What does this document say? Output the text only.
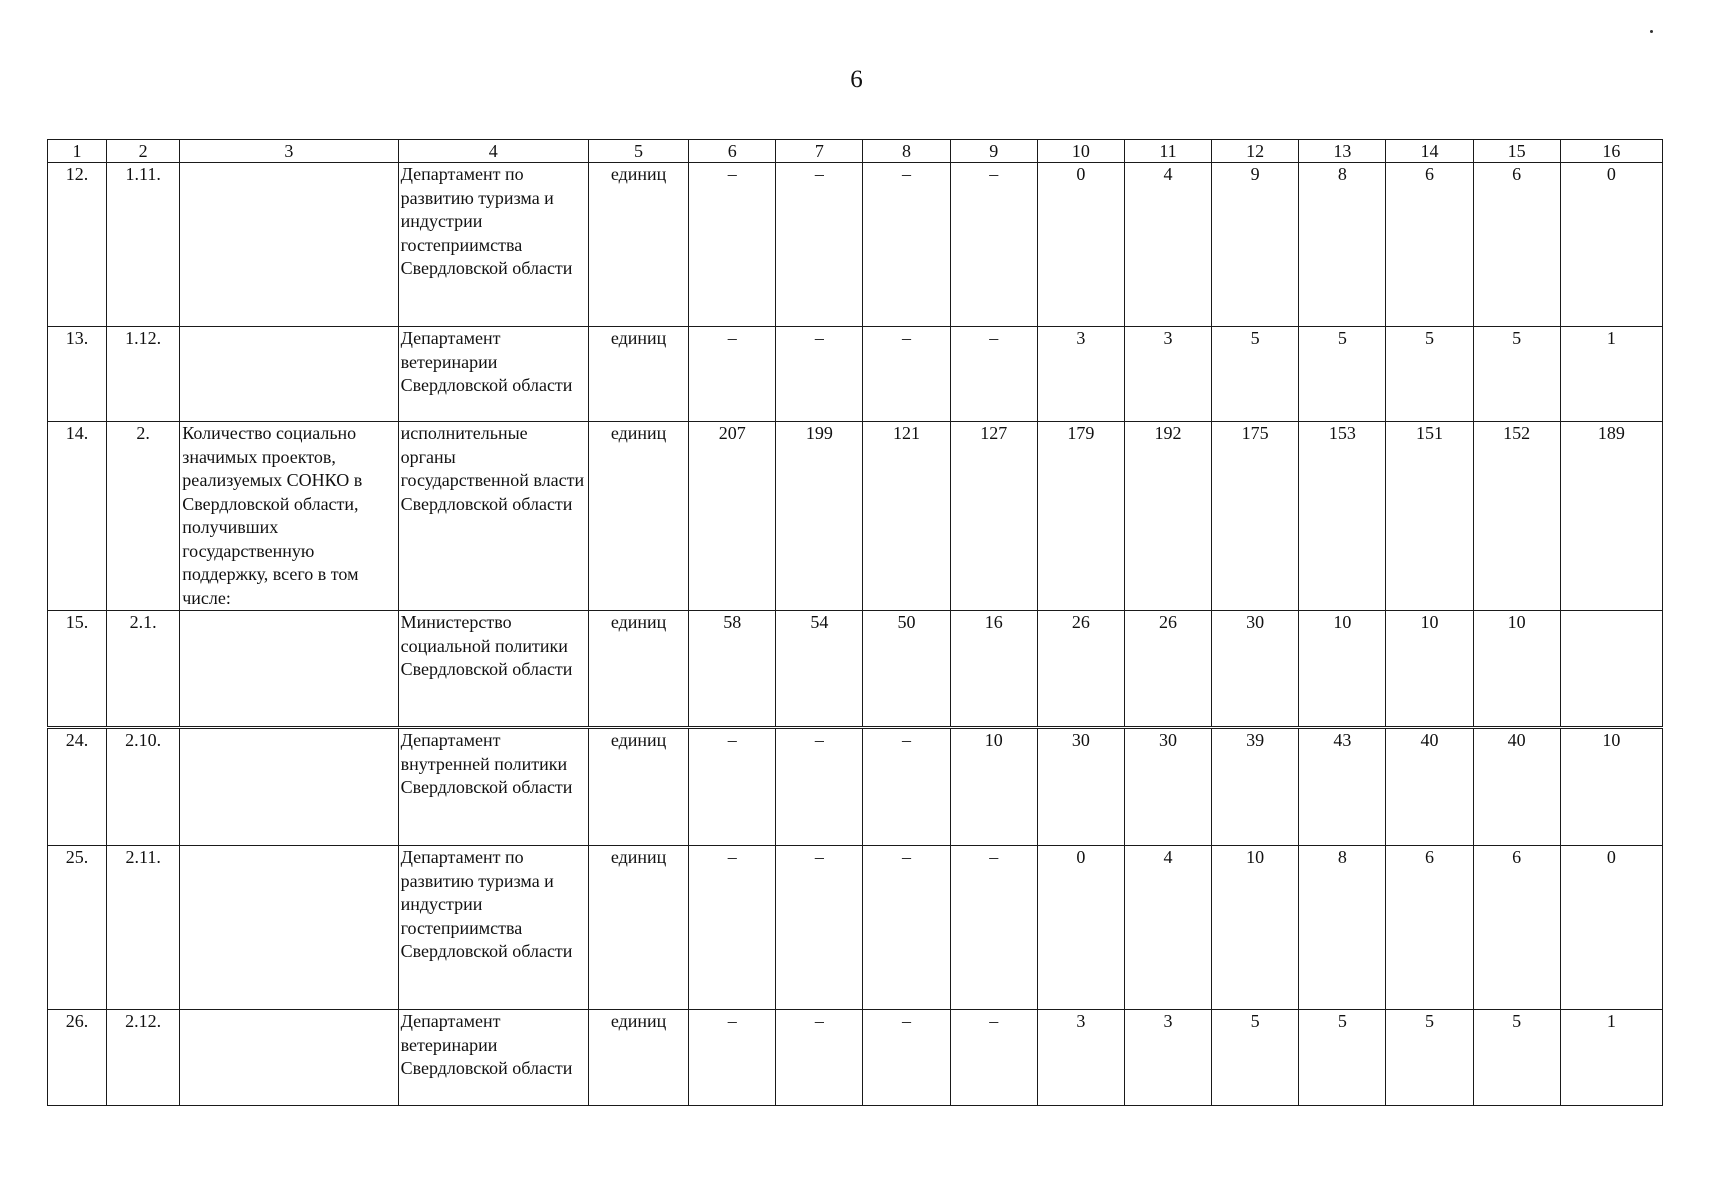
6
1	2	3	4	5	6	7	8	9	10	11	12	13	14	15	16
12.	1.11.		Департамент по развитию туризма и индустрии гостеприимства Свердловской области	единиц	–	–	–	–	0	4	9	8	6	6	0
13.	1.12.		Департамент ветеринарии Свердловской области	единиц	–	–	–	–	3	3	5	5	5	5	1
14.	2.	Количество социально значимых проектов, реализуемых СОНКО в Свердловской области, получивших государственную поддержку, всего в том числе:	исполнительные органы государственной власти Свердловской области	единиц	207	199	121	127	179	192	175	153	151	152	189
15.	2.1.		Министерство социальной политики Свердловской области	единиц	58	54	50	16	26	26	30	10	10	10	
24.	2.10.		Департамент внутренней политики Свердловской области	единиц	–	–	–	10	30	30	39	43	40	40	10
25.	2.11.		Департамент по развитию туризма и индустрии гостеприимства Свердловской области	единиц	–	–	–	–	0	4	10	8	6	6	0
26.	2.12.		Департамент ветеринарии Свердловской области	единиц	–	–	–	–	3	3	5	5	5	5	1
